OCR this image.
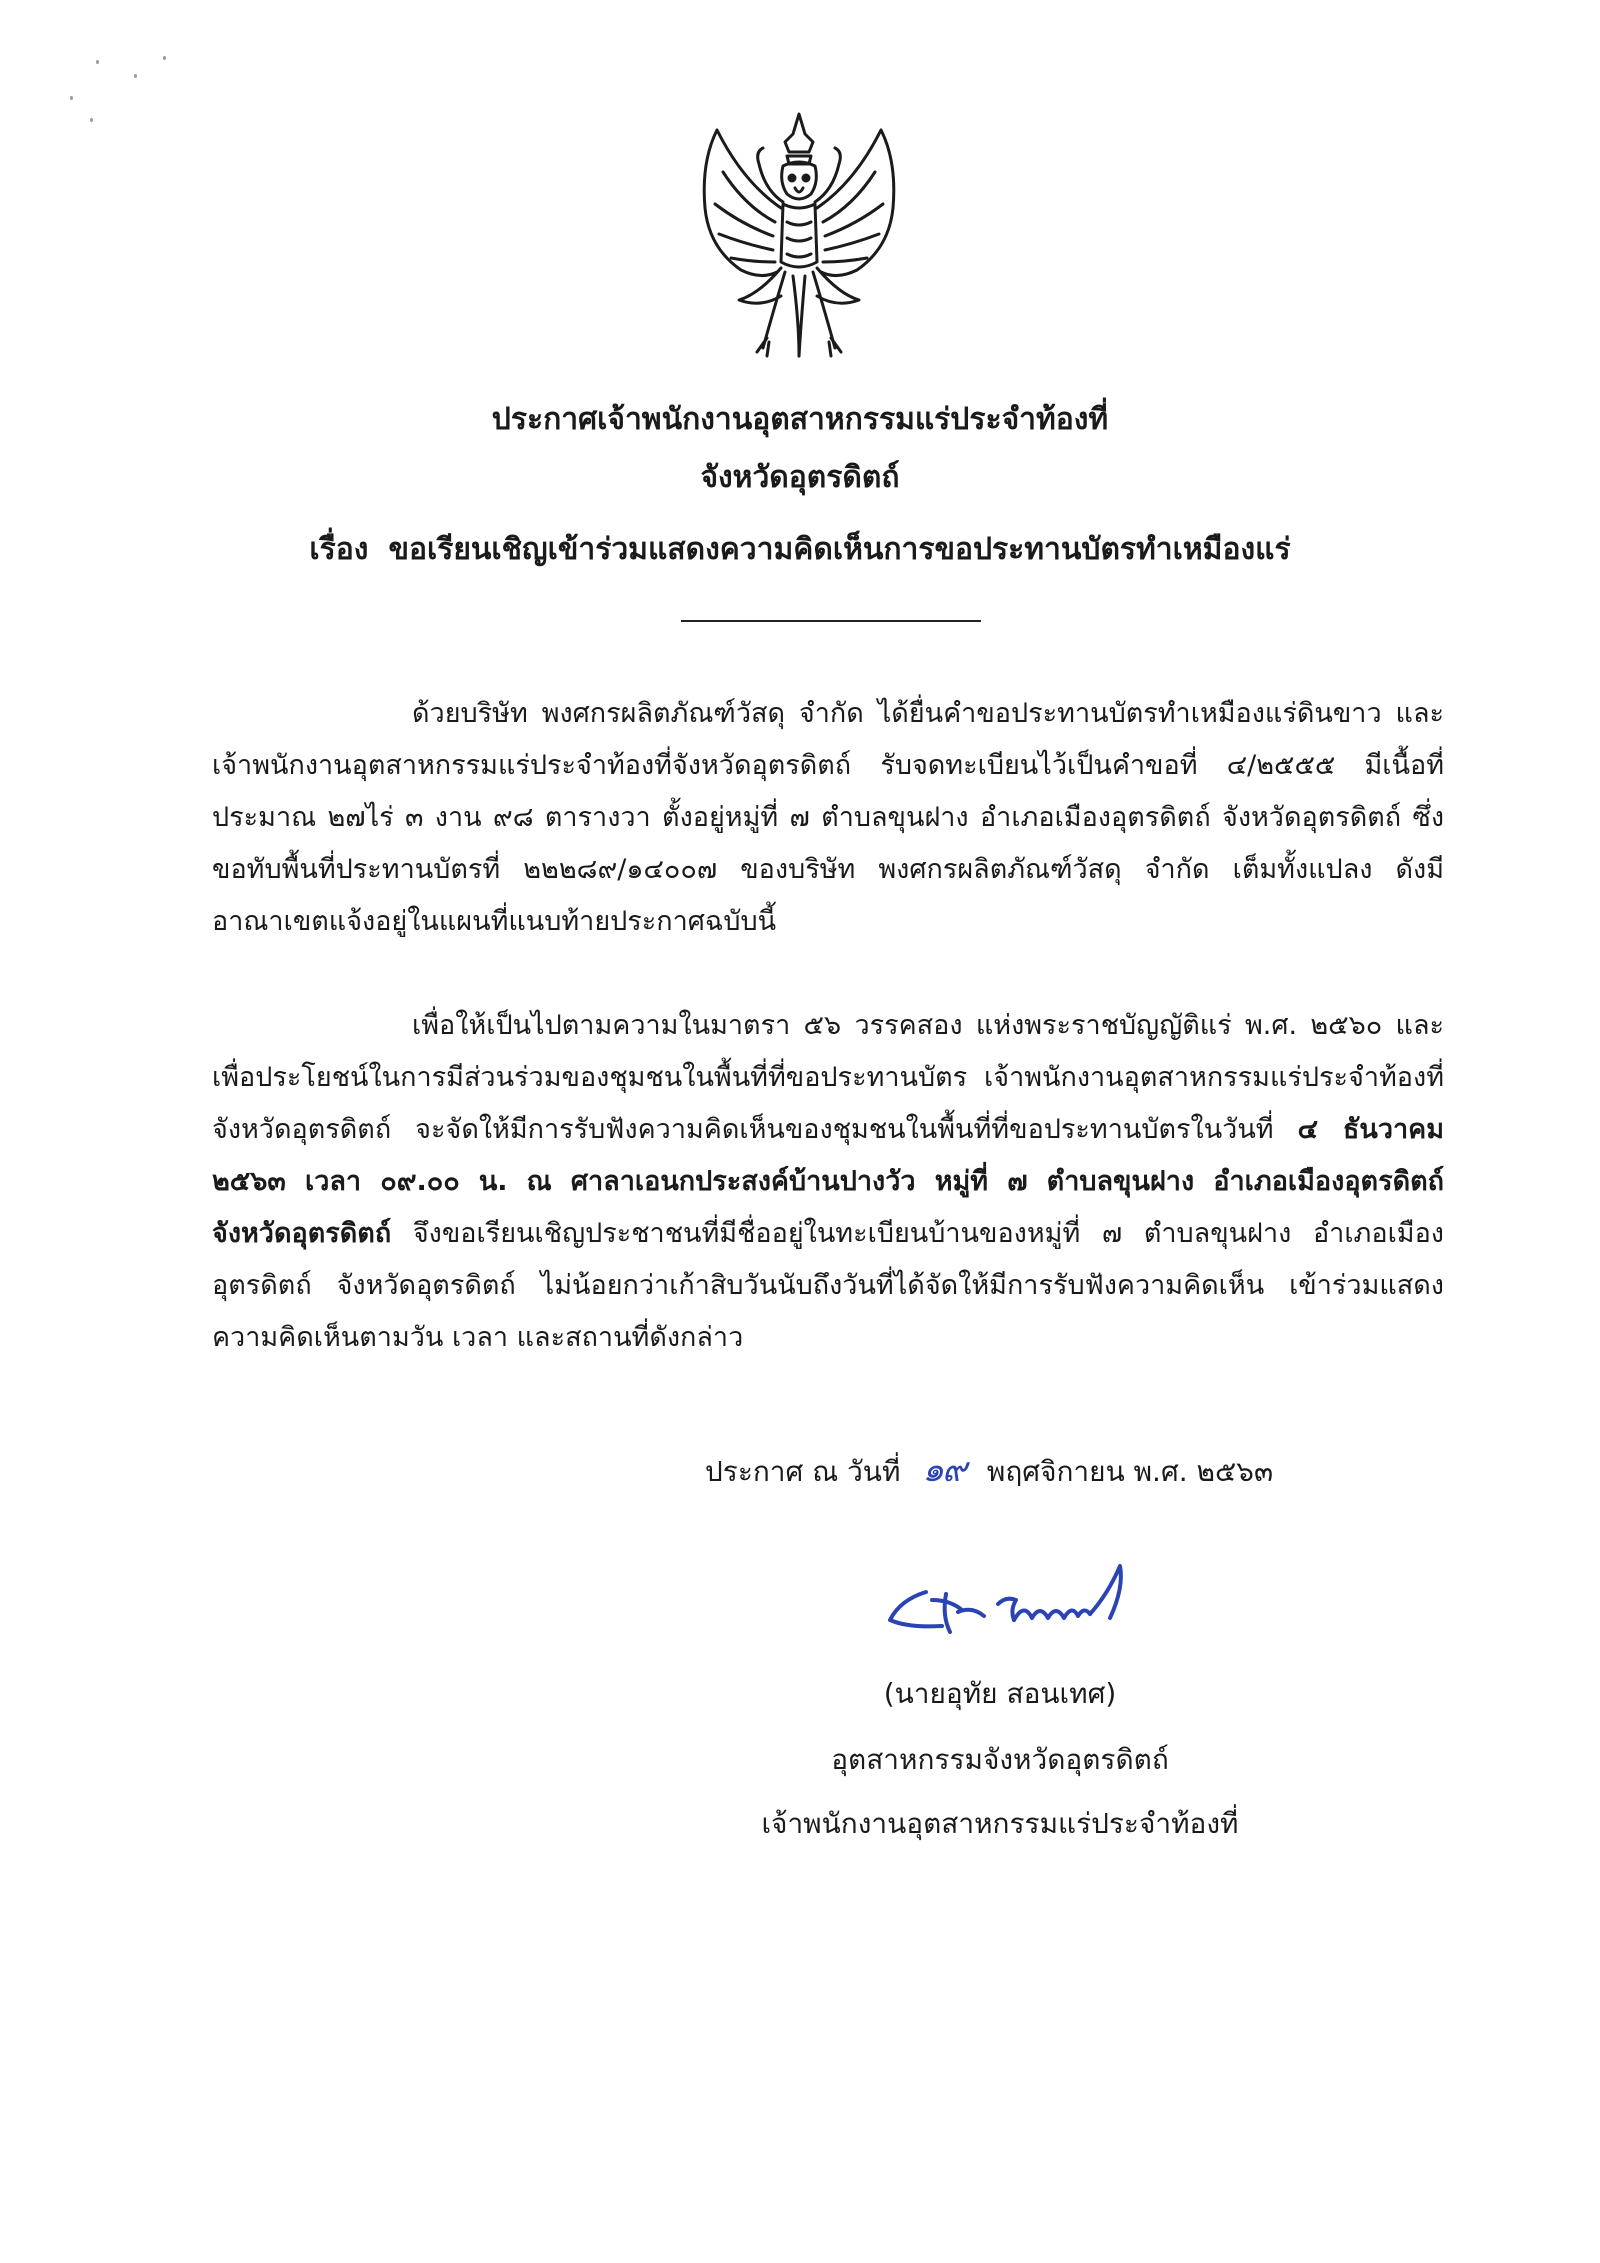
ประกาศเจ้าพนักงานอุตสาหกรรมแร่ประจำท้องที่
จังหวัดอุตรดิตถ์
เรื่อง ขอเรียนเชิญเข้าร่วมแสดงความคิดเห็นการขอประทานบัตรทำเหมืองแร่

ด้วยบริษัท พงศกรผลิตภัณฑ์วัสดุ จำกัด ได้ยื่นคำขอประทานบัตรทำเหมืองแร่ดินขาว และเจ้าพนักงานอุตสาหกรรมแร่ประจำท้องที่จังหวัดอุตรดิตถ์ รับจดทะเบียนไว้เป็นคำขอที่ ๔/๒๕๕๕ มีเนื้อที่ประมาณ ๒๗ไร่ ๓ งาน ๙๘ ตารางวา ตั้งอยู่หมู่ที่ ๗ ตำบลขุนฝาง อำเภอเมืองอุตรดิตถ์ จังหวัดอุตรดิตถ์ ซึ่งขอทับพื้นที่ประทานบัตรที่ ๒๒๒๘๙/๑๔๐๐๗ ของบริษัท พงศกรผลิตภัณฑ์วัสดุ จำกัด เต็มทั้งแปลง ดังมีอาณาเขตแจ้งอยู่ในแผนที่แนบท้ายประกาศฉบับนี้

เพื่อให้เป็นไปตามความในมาตรา ๕๖ วรรคสอง แห่งพระราชบัญญัติแร่ พ.ศ. ๒๕๖๐ และเพื่อประโยชน์ในการมีส่วนร่วมของชุมชนในพื้นที่ที่ขอประทานบัตร เจ้าพนักงานอุตสาหกรรมแร่ประจำท้องที่จังหวัดอุตรดิตถ์ จะจัดให้มีการรับฟังความคิดเห็นของชุมชนในพื้นที่ที่ขอประทานบัตรในวันที่ ๔ ธันวาคม ๒๕๖๓ เวลา ๐๙.๐๐ น. ณ ศาลาเอนกประสงค์บ้านปางวัว หมู่ที่ ๗ ตำบลขุนฝาง อำเภอเมืองอุตรดิตถ์ จังหวัดอุตรดิตถ์ จึงขอเรียนเชิญประชาชนที่มีชื่ออยู่ในทะเบียนบ้านของหมู่ที่ ๗ ตำบลขุนฝาง อำเภอเมืองอุตรดิตถ์ จังหวัดอุตรดิตถ์ ไม่น้อยกว่าเก้าสิบวันนับถึงวันที่ได้จัดให้มีการรับฟังความคิดเห็น เข้าร่วมแสดงความคิดเห็นตามวัน เวลา และสถานที่ดังกล่าว

ประกาศ ณ วันที่ ๑๙ พฤศจิกายน พ.ศ. ๒๕๖๓
(นายอุทัย สอนเทศ)
อุตสาหกรรมจังหวัดอุตรดิตถ์
เจ้าพนักงานอุตสาหกรรมแร่ประจำท้องที่
